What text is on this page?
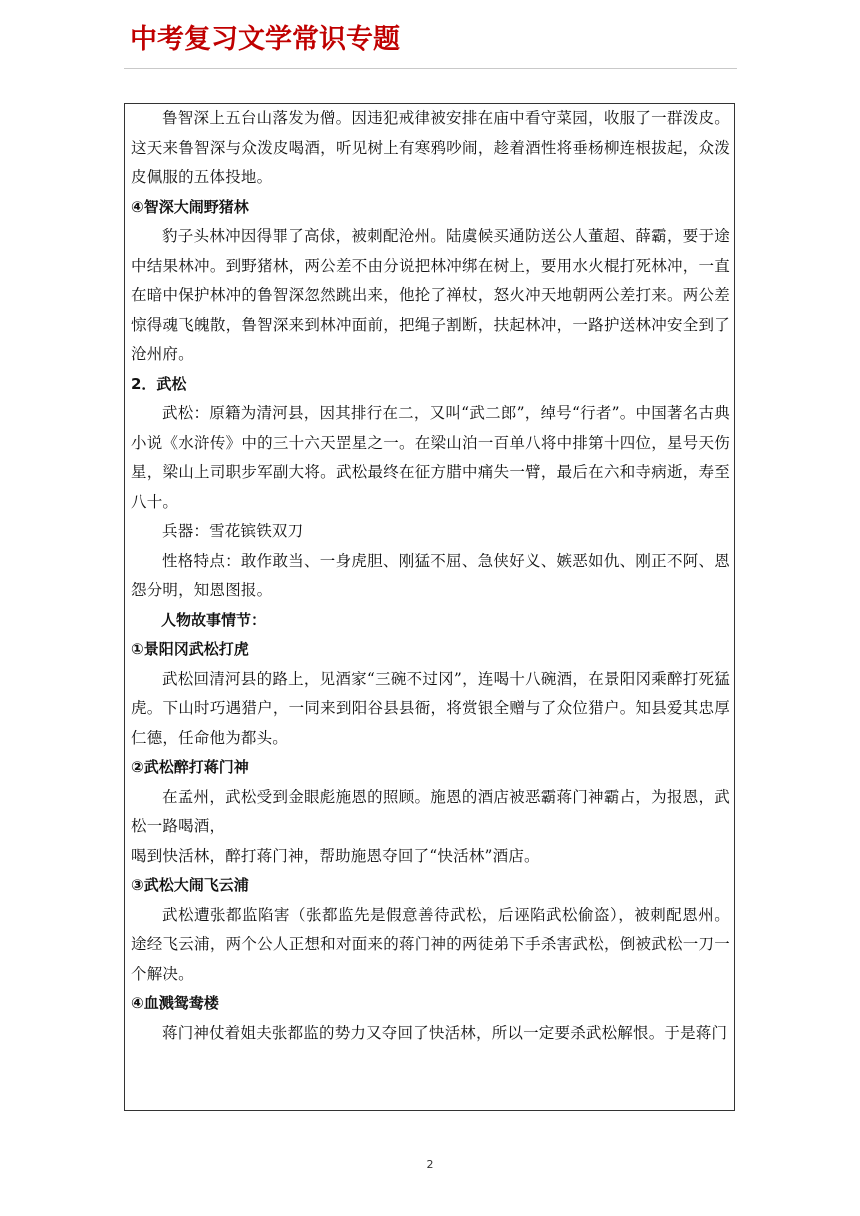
中考复习文学常识专题

鲁智深上五台山落发为僧。因违犯戒律被安排在庙中看守菜园，收服了一群泼皮。这天来鲁智深与众泼皮喝酒，听见树上有寒鸦吵闹，趁着酒性将垂杨柳连根拔起，众泼皮佩服的五体投地。

④智深大闹野猪林

豹子头林冲因得罪了高俅，被刺配沧州。陆虞候买通防送公人董超、薛霸，要于途中结果林冲。到野猪林，两公差不由分说把林冲绑在树上，要用水火棍打死林冲，一直在暗中保护林冲的鲁智深忽然跳出来，他抡了禅杖，怒火冲天地朝两公差打来。两公差惊得魂飞魄散，鲁智深来到林冲面前，把绳子割断，扶起林冲，一路护送林冲安全到了沧州府。

2．武松

武松：原籍为清河县，因其排行在二，又叫“武二郎”，绰号“行者”。中国著名古典小说《水浒传》中的三十六天罡星之一。在梁山泊一百单八将中排第十四位，星号天伤星，梁山上司职步军副大将。武松最终在征方腊中痛失一臂，最后在六和寺病逝，寿至八十。

兵器：雪花镔铁双刀

性格特点：敢作敢当、一身虎胆、刚猛不屈、急侠好义、嫉恶如仇、刚正不阿、恩怨分明，知恩图报。

人物故事情节：

①景阳冈武松打虎

武松回清河县的路上，见酒家“三碗不过冈”，连喝十八碗酒，在景阳冈乘醉打死猛虎。下山时巧遇猎户，一同来到阳谷县县衙，将赏银全赠与了众位猎户。知县爱其忠厚仁德，任命他为都头。

②武松醉打蒋门神

在孟州，武松受到金眼彪施恩的照顾。施恩的酒店被恶霸蒋门神霸占，为报恩，武松一路喝酒，

喝到快活林，醉打蒋门神，帮助施恩夺回了“快活林”酒店。

③武松大闹飞云浦

武松遭张都监陷害（张都监先是假意善待武松，后诬陷武松偷盗），被刺配恩州。途经飞云浦，两个公人正想和对面来的蒋门神的两徒弟下手杀害武松，倒被武松一刀一个解决。

④血溅鸳鸯楼

蒋门神仗着姐夫张都监的势力又夺回了快活林，所以一定要杀武松解恨。于是蒋门

2
